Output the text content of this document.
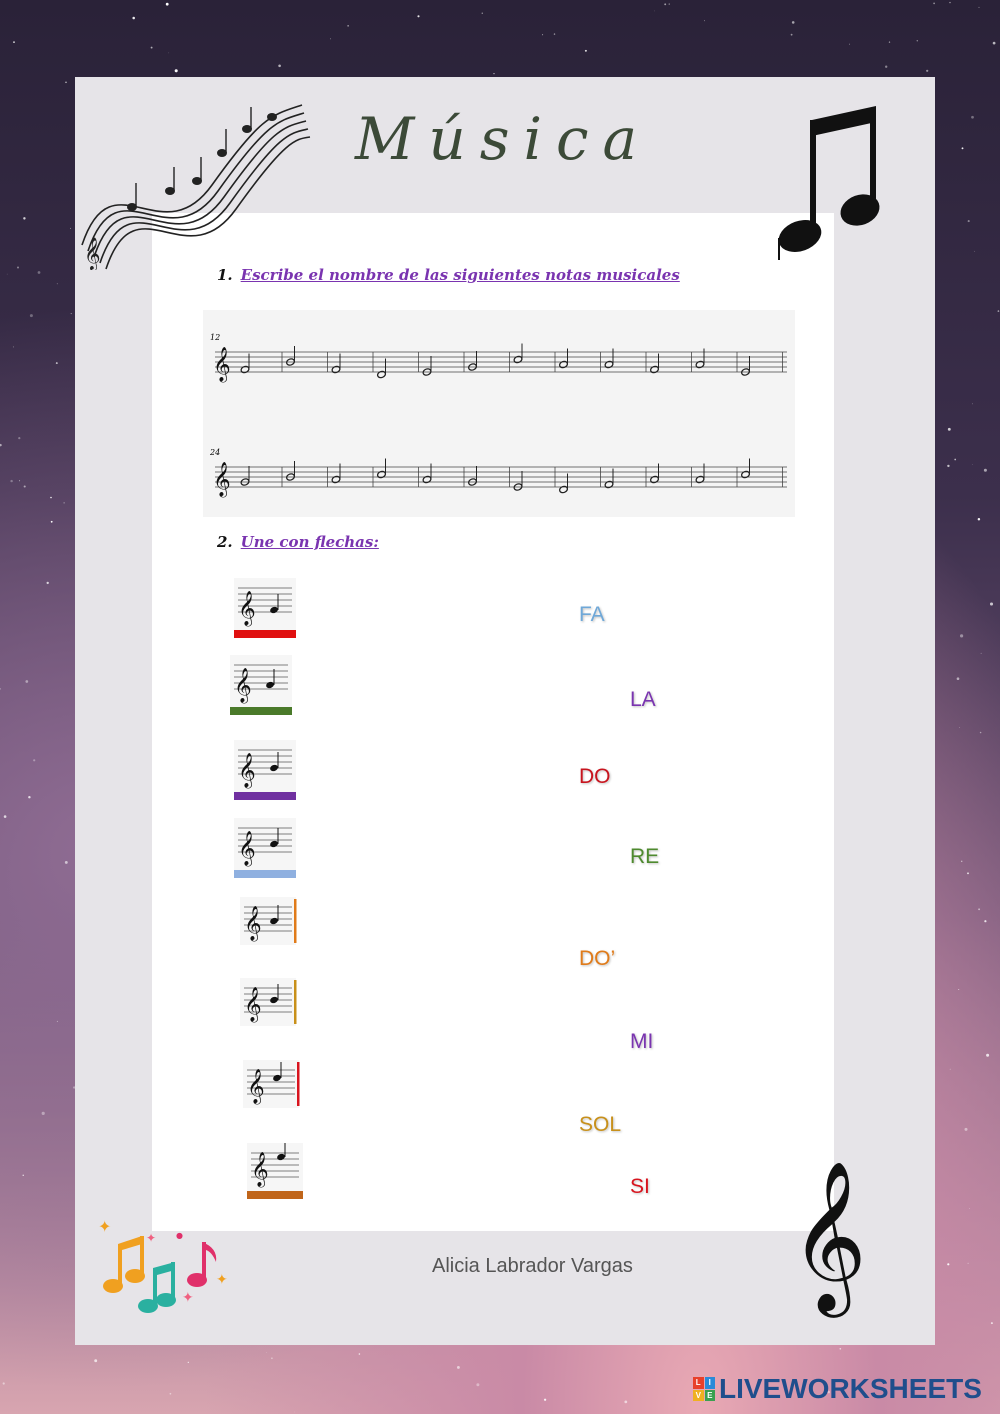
𝄞
Música
1. Escribe el nombre de las siguientes notas musicales
𝄞
𝄞
12
24
2. Une con flechas:
𝄞
𝄞
𝄞
𝄞
𝄞
𝄞
𝄞
𝄞
FA
LA
DO
RE
DO’
MI
SOL
SI
✦
✦
✦
✦
●	𝄞
Alicia Labrador Vargas
L I
V E LIVEWORKSHEETS
